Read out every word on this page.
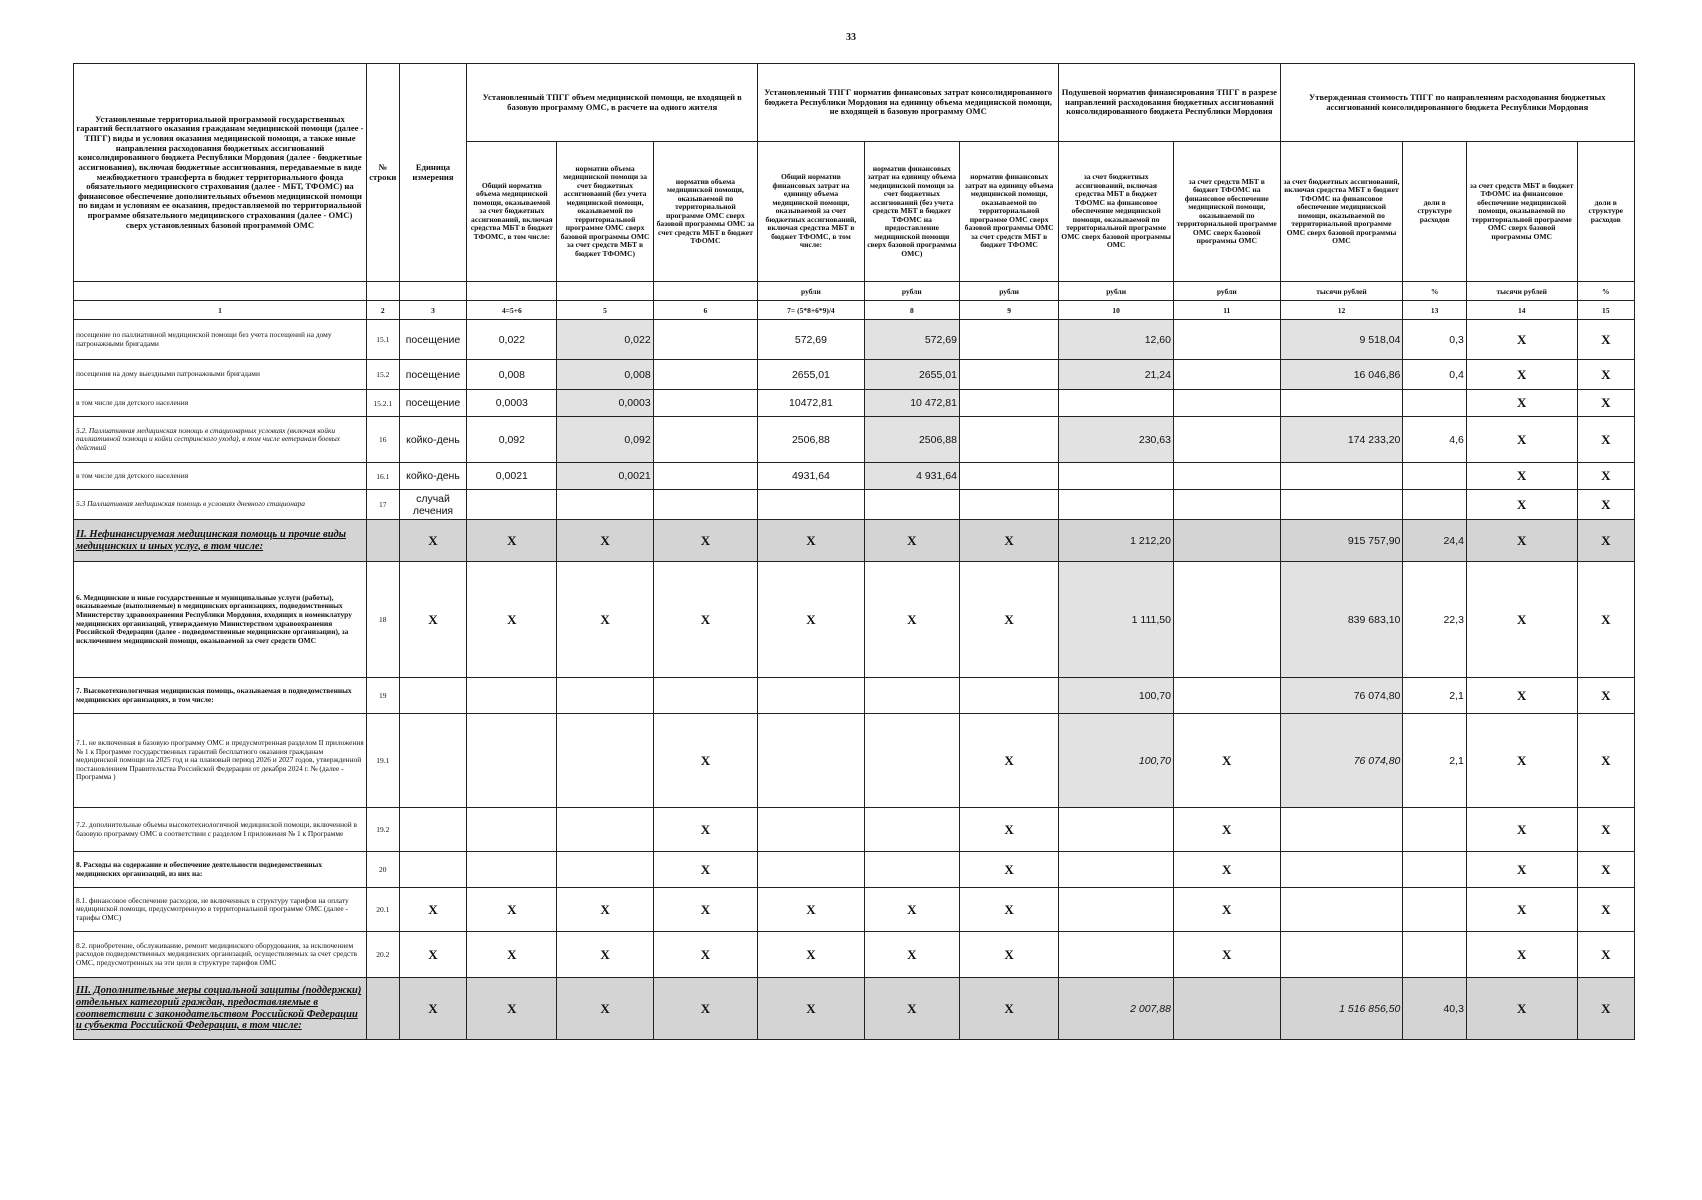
33
Установленные территориальной программой государственных гарантий бесплатного оказания гражданам медицинской помощи (далее - ТПГГ) виды и условия оказания медицинской помощи, а также иные направления расходования бюджетных ассигнований консолидированного бюджета Республики Мордовия (далее - бюджетные ассигнования), включая бюджетные ассигнования, передаваемые в виде межбюджетного трансферта в бюджет территориального фонда обязательного медицинского страхования (далее - МБТ, ТФОМС) на финансовое обеспечение дополнительных объемов медицинской помощи по видам и условиям ее оказания, предоставляемой по территориальной программе обязательного медицинского страхования (далее - ОМС) сверх установленных базовой программой ОМС	№ строки	Единица измерения	Установленный ТПГГ объем медицинской помощи, не входящей в базовую программу ОМС, в расчете на одного жителя			Установленный ТПГГ норматив финансовых затрат консолидированного бюджета Республики Мордовия на единицу объема медицинской помощи, не входящей в базовую программу ОМС			Подушевой норматив финансирования ТПГГ в разрезе направлений расходования бюджетных ассигнований консолидированного бюджета Республики Мордовия		Утвержденная стоимость ТПГГ по направлениям расходования бюджетных ассигнований консолидированного бюджета Республики Мордовия			
			Общий норматив объема медицинской помощи, оказываемой за счет бюджетных ассигнований, включая средства МБТ в бюджет ТФОМС, в том числе:	норматив объема медицинской помощи за счет бюджетных ассигнований (без учета медицинской помощи, оказываемой по территориальной программе ОМС сверх базовой программы ОМС за счет средств МБТ в бюджет ТФОМС)	норматив объема медицинской помощи, оказываемой по территориальной программе ОМС сверх базовой программы ОМС за счет средств МБТ в бюджет ТФОМС	Общий норматив финансовых затрат на единицу объема медицинской помощи, оказываемой за счет бюджетных ассигнований, включая средства МБТ в бюджет ТФОМС, в том числе:	норматив финансовых затрат на единицу объема медицинской помощи за счет бюджетных ассигнований (без учета средств МБТ в бюджет ТФОМС на предоставление медицинской помощи сверх базовой программы ОМС)	норматив финансовых затрат на единицу объема медицинской помощи, оказываемой по территориальной программе ОМС сверх базовой программы ОМС за счет средств МБТ в бюджет ТФОМС	за счет бюджетных ассигнований, включая средства МБТ в бюджет ТФОМС на финансовое обеспечение медицинской помощи, оказываемой по территориальной программе ОМС сверх базовой программы ОМС	за счет средств МБТ в бюджет ТФОМС на финансовое обеспечение медицинской помощи, оказываемой по территориальной программе ОМС сверх базовой программы ОМС	за счет бюджетных ассигнований, включая средства МБТ в бюджет ТФОМС на финансовое обеспечение медицинской помощи, оказываемой по территориальной программе ОМС сверх базовой программы ОМС	доли в структуре расходов	за счет средств МБТ в бюджет ТФОМС на финансовое обеспечение медицинской помощи, оказываемой по территориальной программе ОМС сверх базовой программы ОМС	доли в структуре расходов
						рубли	рубли	рубли	рубли	рубли	тысячи рублей	%	тысячи рублей	%
1	2	3	4=5+6	5	6	7= (5*8+6*9)/4	8	9	10	11	12	13	14	15
посещение по паллиативной медицинской помощи без учета посещений на дому патронажными бригадами	15.1	посещение	0,022	0,022		572,69	572,69		12,60		9 518,04	0,3	X	X
посещения на дому выездными патронажными бригадами	15.2	посещение	0,008	0,008		2655,01	2655,01		21,24		16 046,86	0,4	X	X
в том числе для детского населения	15.2.1	посещение	0,0003	0,0003		10472,81	10 472,81						X	X
5.2. Паллиативная медицинская помощь в стационарных условиях (включая койки паллиативной помощи и койки сестринского ухода), в том числе ветеранам боевых действий	16	койко-день	0,092	0,092		2506,88	2506,88		230,63		174 233,20	4,6	X	X
в том числе для детского населения	16.1	койко-день	0,0021	0,0021		4931,64	4 931,64						X	X
5.3 Паллиативная медицинская помощь в условиях дневного стационара	17	случай лечения											X	X
II. Нефинансируемая медицинская помощь и прочие виды медицинских и иных услуг, в том числе:		X	X	X	X	X	X	X	1 212,20		915 757,90	24,4	X	X
6. Медицинские и иные государственные и муниципальные услуги (работы), оказываемые (выполняемые) в медицинских организациях, подведомственных Министерству здравоохранения Республики Мордовия, входящих в номенклатуру медицинских организаций, утверждаемую Министерством здравоохранения Российской Федерации (далее - подведомственные медицинские организации), за исключением медицинской помощи, оказываемой за счет средств ОМС	18	X	X	X	X	X	X	X	1 111,50		839 683,10	22,3	X	X
7. Высокотехнологичная медицинская помощь, оказываемая в подведомственных медицинских организациях, в том числе:	19								100,70		76 074,80	2,1	X	X
7.1. не включенная в базовую программу ОМС и предусмотренная разделом II приложения № 1 к Программе государственных гарантий бесплатного оказания гражданам медицинской помощи на 2025 год и на плановый период 2026 и 2027 годов, утвержденной постановлением Правительства Российской Федерации от декабря 2024 г. № (далее - Программа )	19.1				X			X	100,70	X	76 074,80	2,1	X	X
7.2. дополнительные объемы высокотехнологичной медицинской помощи, включенной в базовую программу ОМС в соответствии с разделом I приложения № 1 к Программе	19.2				X			X		X			X	X
8. Расходы на содержание и обеспечение деятельности подведомственных медицинских организаций, из них на:	20				X			X		X			X	X
8.1. финансовое обеспечение расходов, не включенных в структуру тарифов на оплату медицинской помощи, предусмотренную в территориальной программе ОМС (далее - тарифы ОМС)	20.1	X	X	X	X	X	X	X		X			X	X
8.2. приобретение, обслуживание, ремонт медицинского оборудования, за исключением расходов подведомственных медицинских организаций, осуществляемых за счет средств ОМС, предусмотренных на эти цели в структуре тарифов ОМС	20.2	X	X	X	X	X	X	X		X			X	X
III. Дополнительные меры социальной защиты (поддержки) отдельных категорий граждан, предоставляемые в соответствии с законодательством Российской Федерации и субъекта Российской Федерации, в том числе:		X	X	X	X	X	X	X	2 007,88		1 516 856,50	40,3	X	X
